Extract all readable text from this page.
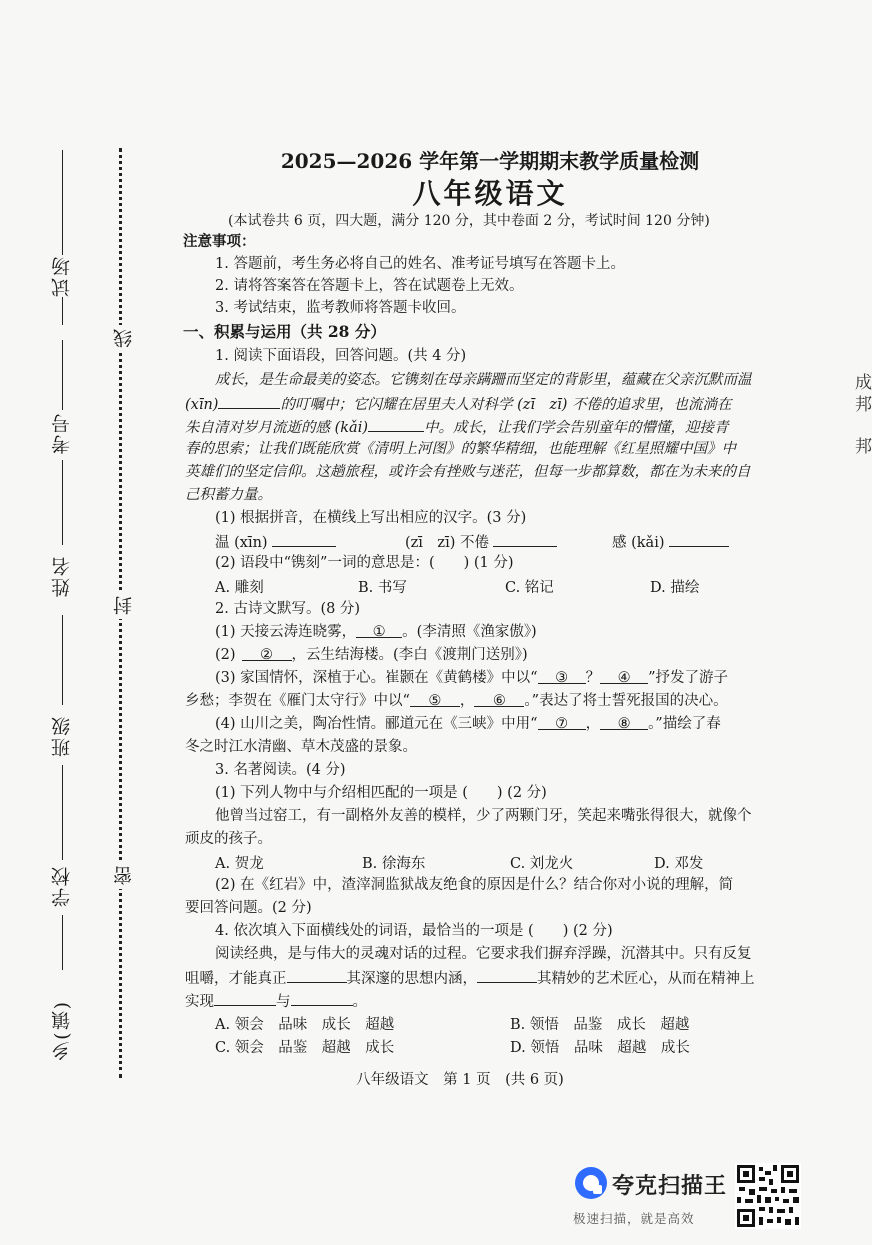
试场
考号
姓名
班级
学校
乡(镇)
线
封
密
成
邦
邦
2025—2026 学年第一学期期末教学质量检测
八年级语文
(本试卷共 6 页，四大题，满分 120 分，其中卷面 2 分，考试时间 120 分钟)
注意事项：
1. 答题前，考生务必将自己的姓名、准考证号填写在答题卡上。
2. 请将答案答在答题卡上，答在试题卷上无效。
3. 考试结束，监考教师将答题卡收回。
一、积累与运用（共 28 分）
1. 阅读下面语段，回答问题。(共 4 分)
成长，是生命最美的姿态。它镌刻在母亲蹒跚而坚定的背影里，蕴藏在父亲沉默而温
(xīn)	的叮嘱中；它闪耀在居里夫人对科学 (zī　zī) 不倦的追求里，也流淌在
朱自清对岁月流逝的感 (kǎi)	中。成长，让我们学会告别童年的懵懂，迎接青
春的思索；让我们既能欣赏《清明上河图》的繁华精细，也能理解《红星照耀中国》中
英雄们的坚定信仰。这趟旅程，或许会有挫败与迷茫，但每一步都算数，都在为未来的自
己积蓄力量。
(1) 根据拼音，在横线上写出相应的汉字。(3 分)
温 (xīn)	(zī　zī) 不倦	感 (kǎi)
(2) 语段中“镌刻”一词的意思是：(　　) (1 分)
A. 雕刻	B. 书写	C. 铭记	D. 描绘
2. 古诗文默写。(8 分)
(1) 天接云涛连晓雾， ① 。(李清照《渔家傲》)
(2) ② ，云生结海楼。(李白《渡荆门送别》)
(3) 家国情怀，深植于心。崔颢在《黄鹤楼》中以“ ③ ？ ④ ”抒发了游子
乡愁；李贺在《雁门太守行》中以“ ⑤ ， ⑥ 。”表达了将士誓死报国的决心。
(4) 山川之美，陶冶性情。郦道元在《三峡》中用“ ⑦ ， ⑧ 。”描绘了春
冬之时江水清幽、草木茂盛的景象。
3. 名著阅读。(4 分)
(1) 下列人物中与介绍相匹配的一项是 (　　) (2 分)
他曾当过窑工，有一副格外友善的模样，少了两颗门牙，笑起来嘴张得很大，就像个
顽皮的孩子。
A. 贺龙	B. 徐海东	C. 刘龙火	D. 邓发
(2) 在《红岩》中，渣滓洞监狱战友绝食的原因是什么？结合你对小说的理解，简
要回答问题。(2 分)
4. 依次填入下面横线处的词语，最恰当的一项是 (　　) (2 分)
阅读经典，是与伟大的灵魂对话的过程。它要求我们摒弃浮躁，沉潜其中。只有反复
咀嚼，才能真正	其深邃的思想内涵，	其精妙的艺术匠心，从而在精神上
实现	与	。
A. 领会　品味　成长　超越	B. 领悟　品鉴　成长　超越
C. 领会　品鉴　超越　成长	D. 领悟　品味　超越　成长
八年级语文　第 1 页　(共 6 页)
夸克扫描王
极速扫描，就是高效
